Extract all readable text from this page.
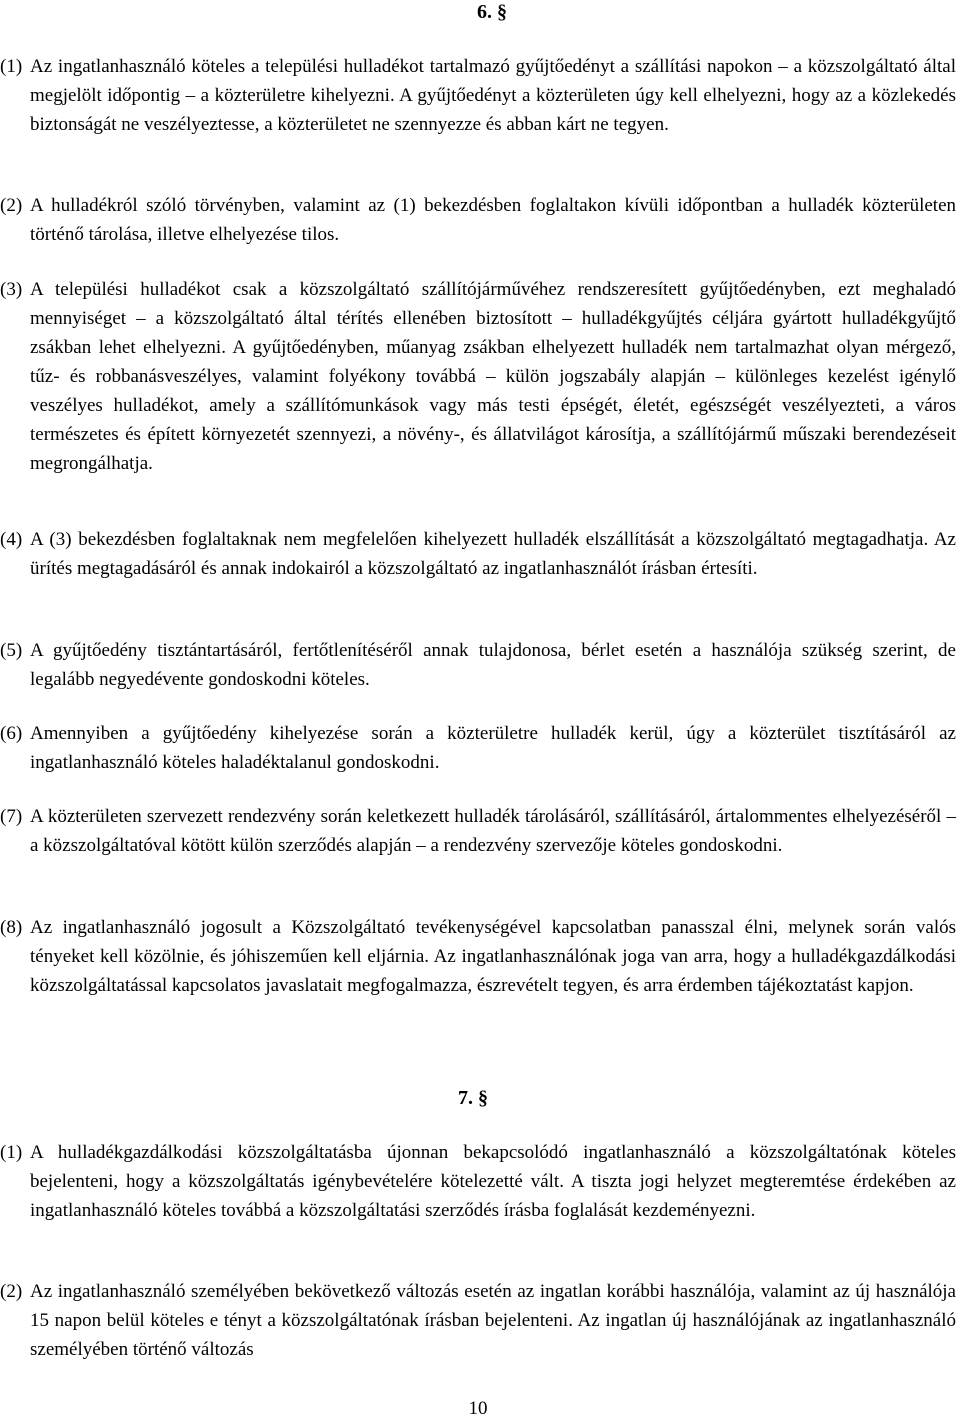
6. §
(1) Az ingatlanhasználó köteles a települési hulladékot tartalmazó gyűjtőedényt a szállítási napokon – a közszolgáltató által megjelölt időpontig – a közterületre kihelyezni. A gyűjtőedényt a közterületen úgy kell elhelyezni, hogy az a közlekedés biztonságát ne veszélyeztesse, a közterületet ne szennyezze és abban kárt ne tegyen.
(2) A hulladékról szóló törvényben, valamint az (1) bekezdésben foglaltakon kívüli időpontban a hulladék közterületen történő tárolása, illetve elhelyezése tilos.
(3) A települési hulladékot csak a közszolgáltató szállítójárművéhez rendszeresített gyűjtőedényben, ezt meghaladó mennyiséget – a közszolgáltató által térítés ellenében biztosított – hulladékgyűjtés céljára gyártott hulladékgyűjtő zsákban lehet elhelyezni. A gyűjtőedényben, műanyag zsákban elhelyezett hulladék nem tartalmazhat olyan mérgező, tűz- és robbanásveszélyes, valamint folyékony továbbá – külön jogszabály alapján – különleges kezelést igénylő veszélyes hulladékot, amely a szállítómunkások vagy más testi épségét, életét, egészségét veszélyezteti, a város természetes és épített környezetét szennyezi, a növény-, és állatvilágot károsítja, a szállítójármű műszaki berendezéseit megrongálhatja.
(4) A (3) bekezdésben foglaltaknak nem megfelelően kihelyezett hulladék elszállítását a közszolgáltató megtagadhatja. Az ürítés megtagadásáról és annak indokairól a közszolgáltató az ingatlanhasználót írásban értesíti.
(5) A gyűjtőedény tisztántartásáról, fertőtlenítéséről annak tulajdonosa, bérlet esetén a használója szükség szerint, de legalább negyedévente gondoskodni köteles.
(6) Amennyiben a gyűjtőedény kihelyezése során a közterületre hulladék kerül, úgy a közterület tisztításáról az ingatlanhasználó köteles haladéktalanul gondoskodni.
(7) A közterületen szervezett rendezvény során keletkezett hulladék tárolásáról, szállításáról, ártalommentes elhelyezéséről – a közszolgáltatóval kötött külön szerződés alapján – a rendezvény szervezője köteles gondoskodni.
(8) Az ingatlanhasználó jogosult a Közszolgáltató tevékenységével kapcsolatban panasszal élni, melynek során valós tényeket kell közölnie, és jóhiszeműen kell eljárnia. Az ingatlanhasználónak joga van arra, hogy a hulladékgazdálkodási közszolgáltatással kapcsolatos javaslatait megfogalmazza, észrevételt tegyen, és arra érdemben tájékoztatást kapjon.
7. §
(1) A hulladékgazdálkodási közszolgáltatásba újonnan bekapcsolódó ingatlanhasználó a közszolgáltatónak köteles bejelenteni, hogy a közszolgáltatás igénybevételére kötelezetté vált. A tiszta jogi helyzet megteremtése érdekében az ingatlanhasználó köteles továbbá a közszolgáltatási szerződés írásba foglalását kezdeményezni.
(2) Az ingatlanhasználó személyében bekövetkező változás esetén az ingatlan korábbi használója, valamint az új használója 15 napon belül köteles e tényt a közszolgáltatónak írásban bejelenteni. Az ingatlan új használójának az ingatlanhasználó személyében történő változás
10
